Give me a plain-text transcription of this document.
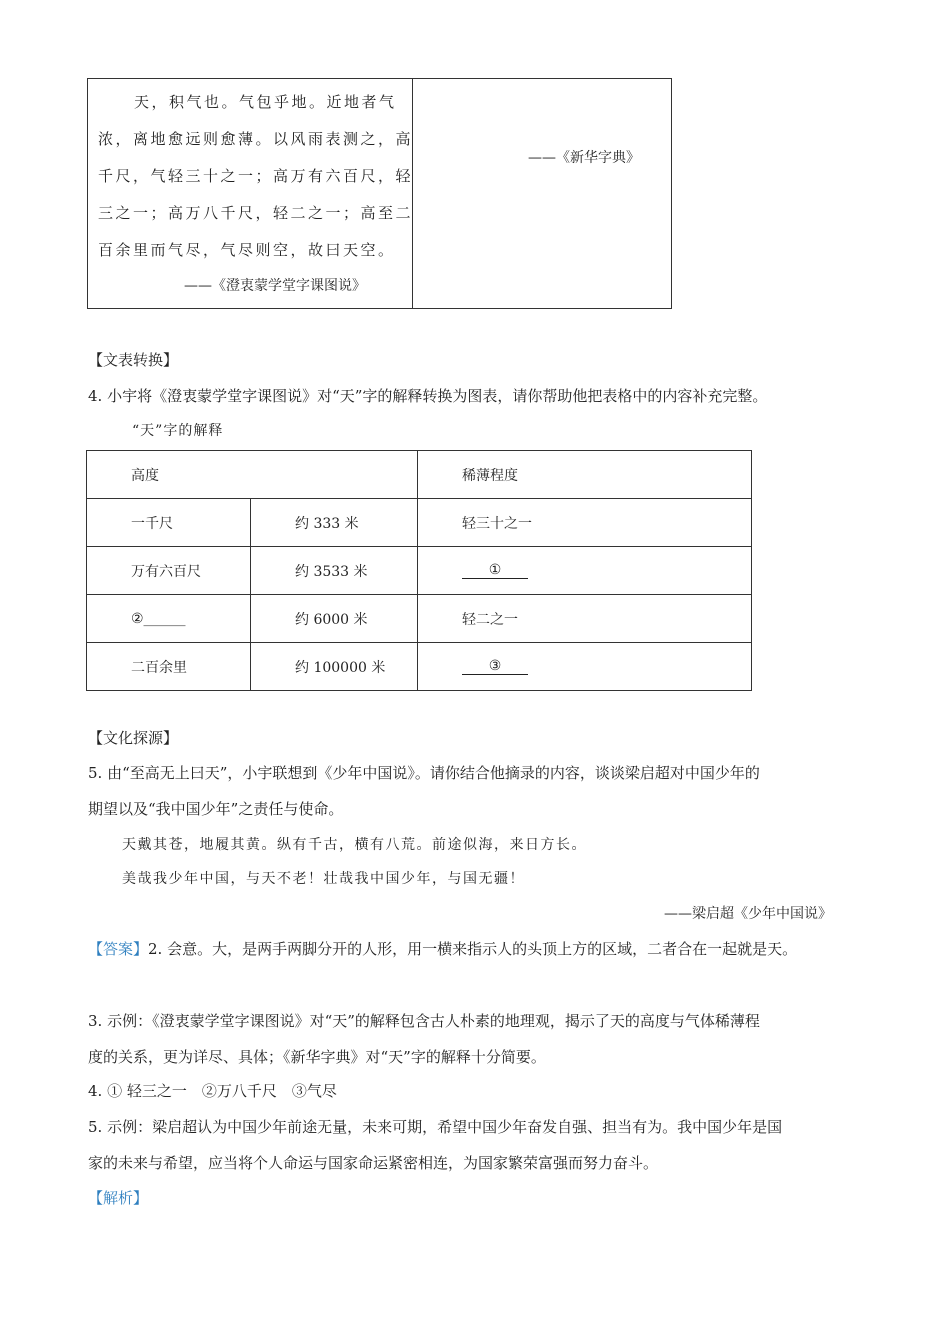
天，积气也。气包乎地。近地者气
浓，离地愈远则愈薄。以风雨表测之，高
千尺，气轻三十之一；高万有六百尺，轻
三之一；高万八千尺，轻二之一；高至二
百余里而气尽，气尽则空，故曰天空。
——《澄衷蒙学堂字课图说》
——《新华字典》
【文表转换】
4. 小宇将《澄衷蒙学堂字课图说》对“天”字的解释转换为图表，请你帮助他把表格中的内容补充完整。
“天”字的解释
高度		稀薄程度
一千尺	约 333 米	轻三十之一
万有六百尺	约 3533 米	①
②______	约 6000 米	轻二之一
二百余里	约 100000 米	③
【文化探源】
5. 由“至高无上曰天”，小宇联想到《少年中国说》。请你结合他摘录的内容，谈谈梁启超对中国少年的
期望以及“我中国少年”之责任与使命。
天戴其苍，地履其黄。纵有千古，横有八荒。前途似海，来日方长。
美哉我少年中国，与天不老！壮哉我中国少年，与国无疆！
——梁启超《少年中国说》
【答案】2. 会意。大，是两手两脚分开的人形，用一横来指示人的头顶上方的区域，二者合在一起就是天。
3. 示例：《澄衷蒙学堂字课图说》对“天”的解释包含古人朴素的地理观，揭示了天的高度与气体稀薄程
度的关系，更为详尽、具体；《新华字典》对“天”字的解释十分简要。
4. ① 轻三之一　②万八千尺　③气尽
5. 示例：梁启超认为中国少年前途无量，未来可期，希望中国少年奋发自强、担当有为。我中国少年是国
家的未来与希望，应当将个人命运与国家命运紧密相连，为国家繁荣富强而努力奋斗。
【解析】
